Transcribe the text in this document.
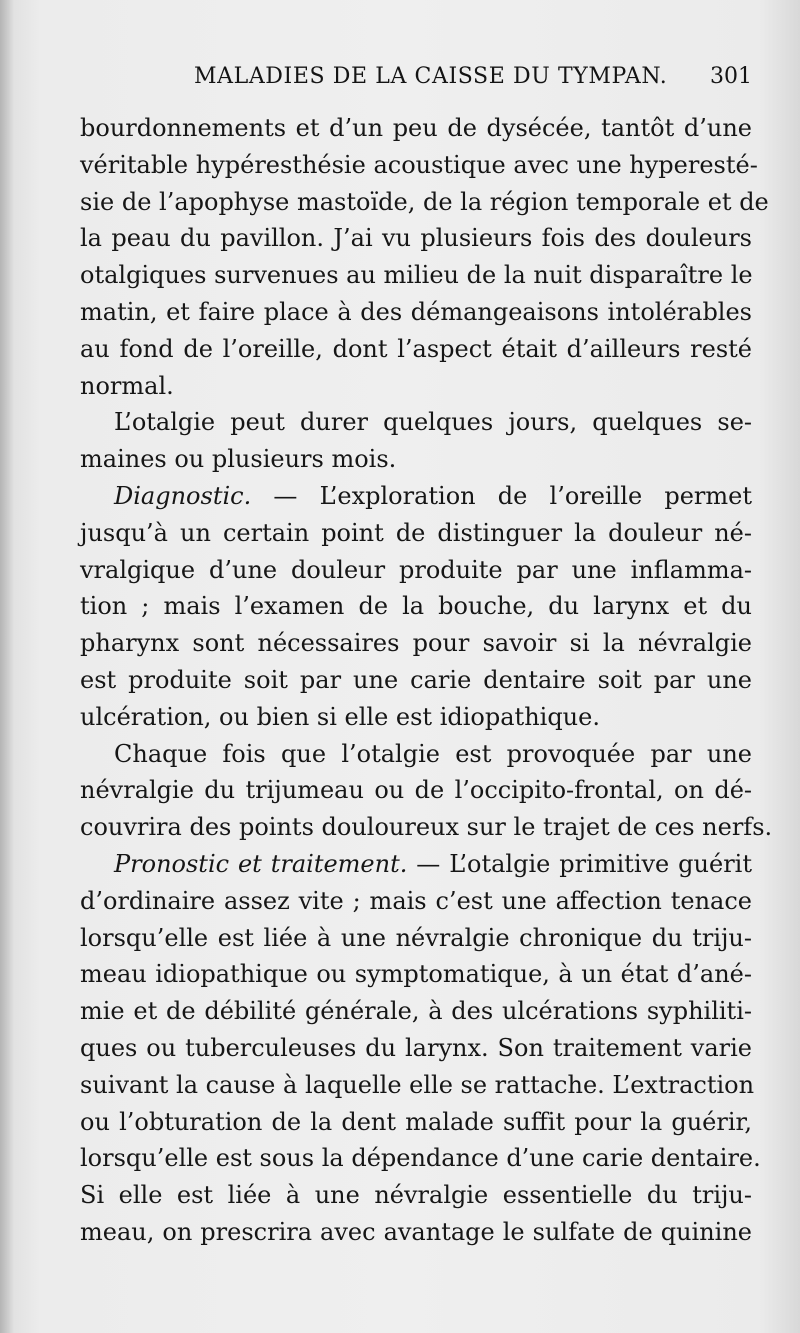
MALADIES DE LA CAISSE DU TYMPAN. 301
bourdonnements et d’un peu de dysécée, tantôt d’une
véritable hypéresthésie acoustique avec une hyperesté-
sie de l’apophyse mastoïde, de la région temporale et de
la peau du pavillon. J’ai vu plusieurs fois des douleurs
otalgiques survenues au milieu de la nuit disparaître le
matin, et faire place à des démangeaisons intolérables
au fond de l’oreille, dont l’aspect était d’ailleurs resté
normal.
L’otalgie peut durer quelques jours, quelques se-
maines ou plusieurs mois.
Diagnostic. — L’exploration de l’oreille permet
jusqu’à un certain point de distinguer la douleur né-
vralgique d’une douleur produite par une inflamma-
tion ; mais l’examen de la bouche, du larynx et du
pharynx sont nécessaires pour savoir si la névralgie
est produite soit par une carie dentaire soit par une
ulcération, ou bien si elle est idiopathique.
Chaque fois que l’otalgie est provoquée par une
névralgie du trijumeau ou de l’occipito-frontal, on dé-
couvrira des points douloureux sur le trajet de ces nerfs.
Pronostic et traitement. — L’otalgie primitive guérit
d’ordinaire assez vite ; mais c’est une affection tenace
lorsqu’elle est liée à une névralgie chronique du triju-
meau idiopathique ou symptomatique, à un état d’ané-
mie et de débilité générale, à des ulcérations syphiliti-
ques ou tuberculeuses du larynx. Son traitement varie
suivant la cause à laquelle elle se rattache. L’extraction
ou l’obturation de la dent malade suffit pour la guérir,
lorsqu’elle est sous la dépendance d’une carie dentaire.
Si elle est liée à une névralgie essentielle du triju-
meau, on prescrira avec avantage le sulfate de quinine
